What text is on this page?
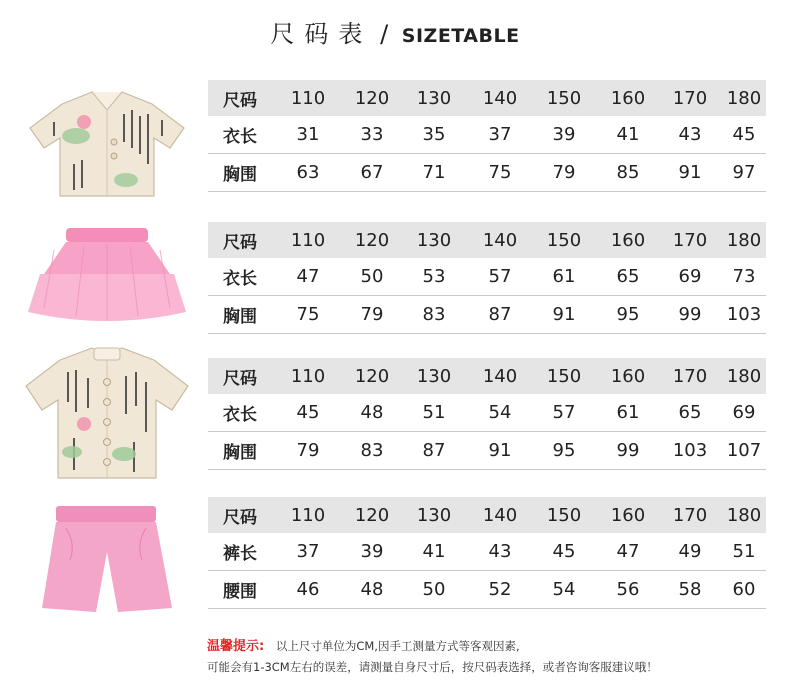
尺码表 / SIZETABLE
尺码	110	120	130	140	150	160	170	180
衣长	31	33	35	37	39	41	43	45
胸围	63	67	71	75	79	85	91	97
尺码	110	120	130	140	150	160	170	180
衣长	47	50	53	57	61	65	69	73
胸围	75	79	83	87	91	95	99	103
尺码	110	120	130	140	150	160	170	180
衣长	45	48	51	54	57	61	65	69
胸围	79	83	87	91	95	99	103	107
尺码	110	120	130	140	150	160	170	180
裤长	37	39	41	43	45	47	49	51
腰围	46	48	50	52	54	56	58	60
温馨提示: 以上尺寸单位为CM,因手工测量方式等客观因素,
可能会有1-3CM左右的误差，请测量自身尺寸后，按尺码表选择，或者咨询客服建议哦！
